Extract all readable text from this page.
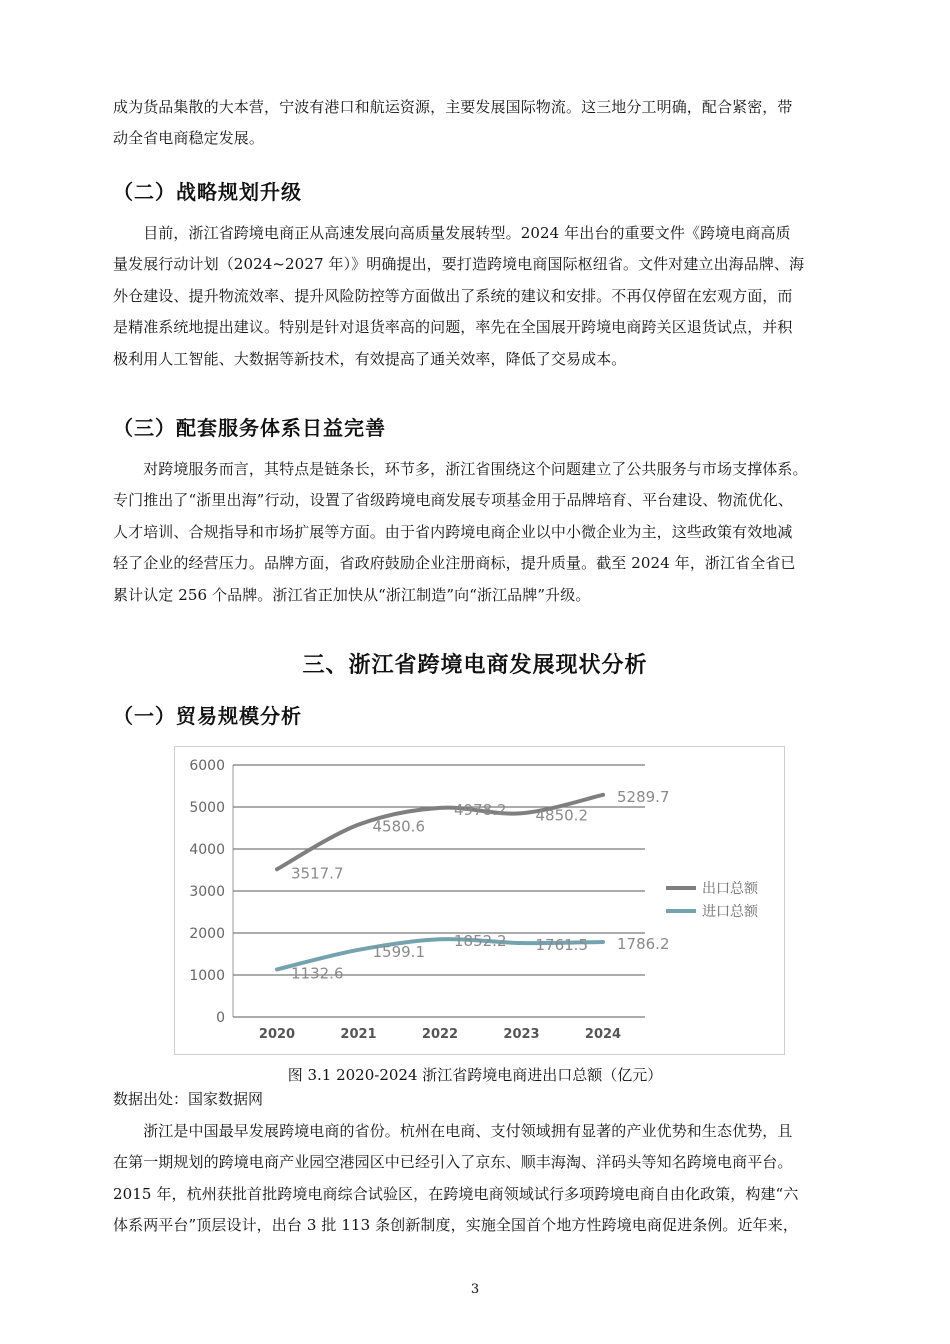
成为货品集散的大本营，宁波有港口和航运资源，主要发展国际物流。这三地分工明确，配合紧密，带
动全省电商稳定发展。
（二）战略规划升级
　　目前，浙江省跨境电商正从高速发展向高质量发展转型。2024 年出台的重要文件《跨境电商高质
量发展行动计划（2024~2027 年）》明确提出，要打造跨境电商国际枢纽省。文件对建立出海品牌、海
外仓建设、提升物流效率、提升风险防控等方面做出了系统的建议和安排。不再仅停留在宏观方面，而
是精准系统地提出建议。特别是针对退货率高的问题，率先在全国展开跨境电商跨关区退货试点，并积
极利用人工智能、大数据等新技术，有效提高了通关效率，降低了交易成本。
（三）配套服务体系日益完善
　　对跨境服务而言，其特点是链条长，环节多，浙江省围绕这个问题建立了公共服务与市场支撑体系。
专门推出了“浙里出海”行动，设置了省级跨境电商发展专项基金用于品牌培育、平台建设、物流优化、
人才培训、合规指导和市场扩展等方面。由于省内跨境电商企业以中小微企业为主，这些政策有效地减
轻了企业的经营压力。品牌方面，省政府鼓励企业注册商标，提升质量。截至 2024 年，浙江省全省已
累计认定 256 个品牌。浙江省正加快从“浙江制造”向“浙江品牌”升级。
三、浙江省跨境电商发展现状分析
（一）贸易规模分析
0
1000
2000
3000
4000
5000
6000
2020	2021	2022	2023	2024
3517.7
4580.6
4978.2 4850.2
5289.7
1132.6
1599.1
1852.2 1761.5 1786.2
出口总额
进口总额
图 3.1 2020-2024 浙江省跨境电商进出口总额（亿元）
数据出处：国家数据网
　　浙江是中国最早发展跨境电商的省份。杭州在电商、支付领域拥有显著的产业优势和生态优势，且
在第一期规划的跨境电商产业园空港园区中已经引入了京东、顺丰海淘、洋码头等知名跨境电商平台。
2015 年，杭州获批首批跨境电商综合试验区，在跨境电商领域试行多项跨境电商自由化政策，构建“六
体系两平台”顶层设计，出台 3 批 113 条创新制度，实施全国首个地方性跨境电商促进条例。近年来，
3
